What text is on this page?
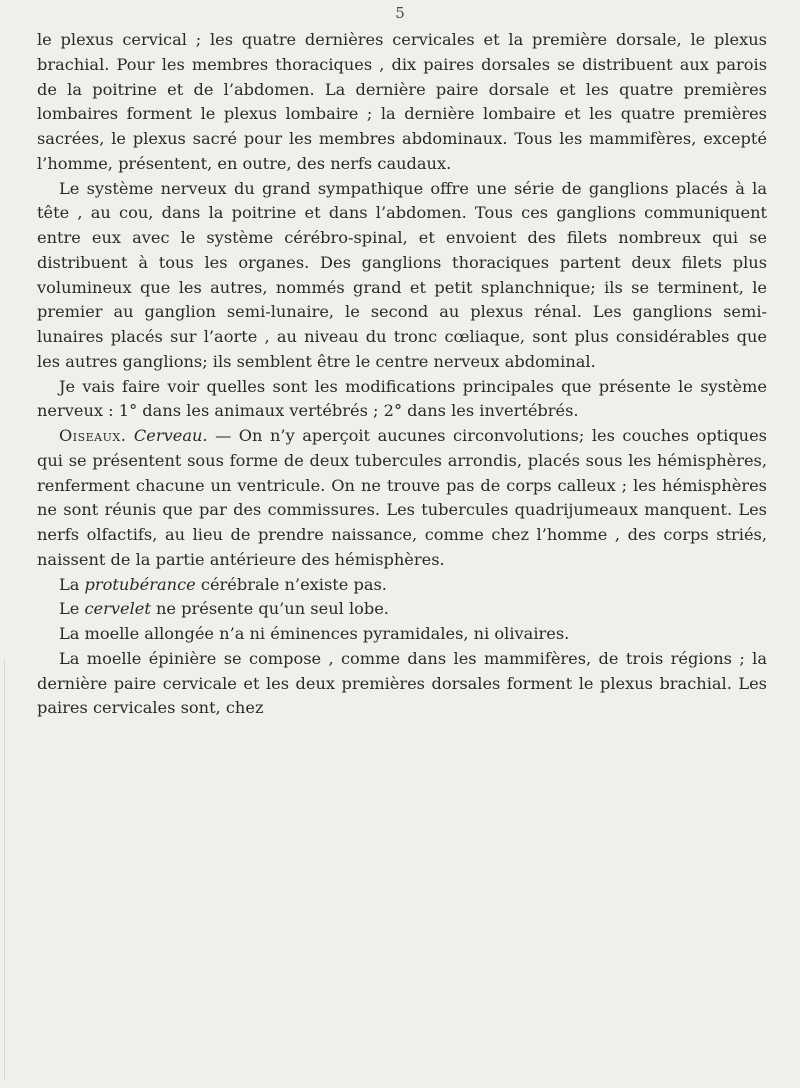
5

le plexus cervical ; les quatre dernières cervicales et la première dorsale, le plexus brachial. Pour les membres thoraciques , dix paires dorsales se distribuent aux parois de la poitrine et de l’abdomen. La dernière paire dorsale et les quatre premières lombaires forment le plexus lombaire ; la dernière lombaire et les quatre premières sacrées, le plexus sacré pour les membres abdominaux. Tous les mammifères, excepté l’homme, présentent, en outre, des nerfs caudaux.

Le système nerveux du grand sympathique offre une série de ganglions placés à la tête , au cou, dans la poitrine et dans l’abdomen. Tous ces ganglions communiquent entre eux avec le système cérébro-spinal, et envoient des filets nombreux qui se distribuent à tous les organes. Des ganglions thoraciques partent deux filets plus volumineux que les autres, nommés grand et petit splanchnique; ils se terminent, le premier au ganglion semi-lunaire, le second au plexus rénal. Les ganglions semi-lunaires placés sur l’aorte , au niveau du tronc cœliaque, sont plus considérables que les autres ganglions; ils semblent être le centre nerveux abdominal.

Je vais faire voir quelles sont les modifications principales que présente le système nerveux : 1° dans les animaux vertébrés ; 2° dans les invertébrés.

Oiseaux. Cerveau. — On n’y aperçoit aucunes circonvolutions; les couches optiques qui se présentent sous forme de deux tubercules arrondis, placés sous les hémisphères, renferment chacune un ventricule. On ne trouve pas de corps calleux ; les hémisphères ne sont réunis que par des commissures. Les tubercules quadrijumeaux manquent. Les nerfs olfactifs, au lieu de prendre naissance, comme chez l’homme , des corps striés, naissent de la partie antérieure des hémisphères.

La protubérance cérébrale n’existe pas.

Le cervelet ne présente qu’un seul lobe.

La moelle allongée n’a ni éminences pyramidales, ni olivaires.

La moelle épinière se compose , comme dans les mammifères, de trois régions ; la dernière paire cervicale et les deux premières dorsales forment le plexus brachial. Les paires cervicales sont, chez
